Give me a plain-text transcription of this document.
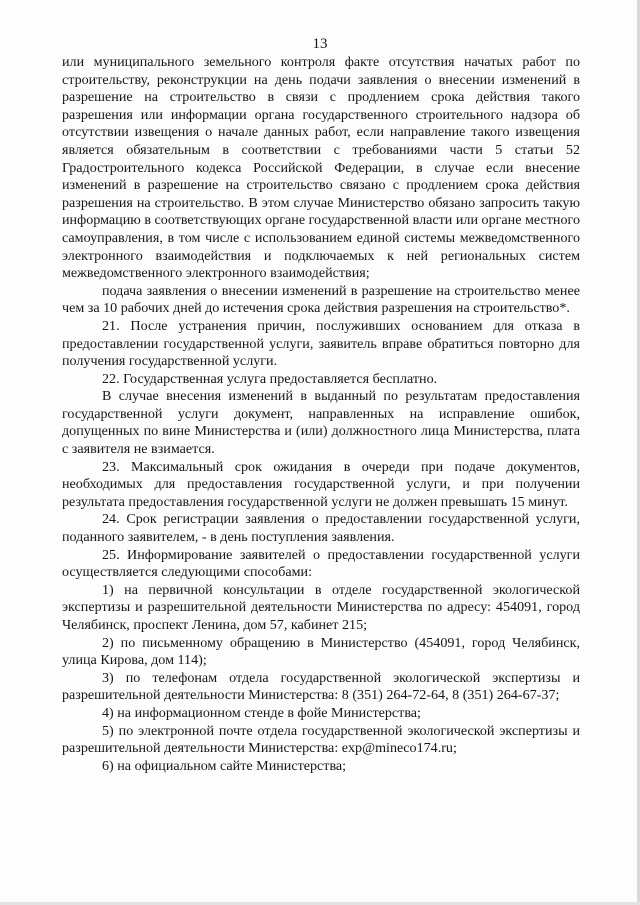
13

или муниципального земельного контроля факте отсутствия начатых работ по строительству, реконструкции на день подачи заявления о внесении изменений в разрешение на строительство в связи с продлением срока действия такого разрешения или информации органа государственного строительного надзора об отсутствии извещения о начале данных работ, если направление такого извещения является обязательным в соответствии с требованиями части 5 статьи 52 Градостроительного кодекса Российской Федерации, в случае если внесение изменений в разрешение на строительство связано с продлением срока действия разрешения на строительство. В этом случае Министерство обязано запросить такую информацию в соответствующих органе государственной власти или органе местного самоуправления, в том числе с использованием единой системы межведомственного электронного взаимодействия и подключаемых к ней региональных систем межведомственного электронного взаимодействия;

подача заявления о внесении изменений в разрешение на строительство менее чем за 10 рабочих дней до истечения срока действия разрешения на строительство*.

21. После устранения причин, послуживших основанием для отказа в предоставлении государственной услуги, заявитель вправе обратиться повторно для получения государственной услуги.

22. Государственная услуга предоставляется бесплатно.

В случае внесения изменений в выданный по результатам предоставления государственной услуги документ, направленных на исправление ошибок, допущенных по вине Министерства и (или) должностного лица Министерства, плата с заявителя не взимается.

23. Максимальный срок ожидания в очереди при подаче документов, необходимых для предоставления государственной услуги, и при получении результата предоставления государственной услуги не должен превышать 15 минут.

24. Срок регистрации заявления о предоставлении государственной услуги, поданного заявителем, - в день поступления заявления.

25. Информирование заявителей о предоставлении государственной услуги осуществляется следующими способами:

1) на первичной консультации в отделе государственной экологической экспертизы и разрешительной деятельности Министерства по адресу: 454091, город Челябинск, проспект Ленина, дом 57, кабинет 215;

2) по письменному обращению в Министерство (454091, город Челябинск, улица Кирова, дом 114);

3) по телефонам отдела государственной экологической экспертизы и разрешительной деятельности Министерства: 8 (351) 264-72-64, 8 (351) 264-67-37;

4) на информационном стенде в фойе Министерства;

5) по электронной почте отдела государственной экологической экспертизы и разрешительной деятельности Министерства: exp@mineco174.ru;

6) на официальном сайте Министерства;
